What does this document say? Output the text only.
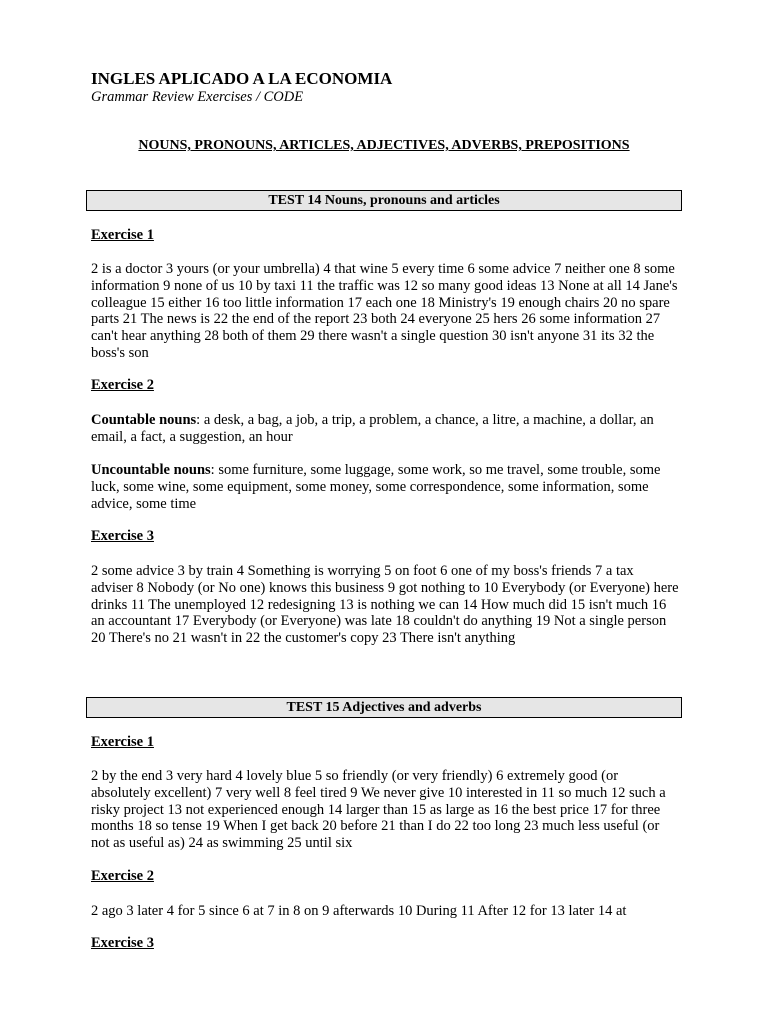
INGLES APLICADO A LA ECONOMIA
Grammar Review Exercises / CODE
NOUNS, PRONOUNS, ARTICLES, ADJECTIVES, ADVERBS, PREPOSITIONS
TEST 14 Nouns, pronouns and articles
Exercise 1

2 is a doctor 3 yours (or your umbrella) 4 that wine 5 every time 6 some advice 7 neither one 8 some information 9 none of us 10 by taxi 11 the traffic was 12 so many good ideas 13 None at all 14 Jane's colleague 15 either 16 too little information 17 each one 18 Ministry's 19 enough chairs 20 no spare parts 21 The news is 22 the end of the report 23 both 24 everyone 25 hers 26 some information 27 can't hear anything 28 both of them 29 there wasn't a single question 30 isn't anyone 31 its 32 the boss's son

Exercise 2

Countable nouns: a desk, a bag, a job, a trip, a problem, a chance, a litre, a machine, a dollar, an email, a fact, a suggestion, an hour

Uncountable nouns: some furniture, some luggage, some work, so me travel, some trouble, some luck, some wine, some equipment, some money, some correspondence, some information, some advice, some time

Exercise 3

2 some advice 3 by train 4 Something is worrying 5 on foot 6 one of my boss's friends 7 a tax adviser 8 Nobody (or No one) knows this business 9 got nothing to 10 Everybody (or Everyone) here drinks 11 The unemployed 12 redesigning 13 is nothing we can 14 How much did 15 isn't much 16 an accountant 17 Everybody (or Everyone) was late 18 couldn't do anything 19 Not a single person 20 There's no 21 wasn't in 22 the customer's copy 23 There isn't anything

TEST 15 Adjectives and adverbs
Exercise 1

2 by the end 3 very hard 4 lovely blue 5 so friendly (or very friendly) 6 extremely good (or absolutely excellent) 7 very well 8 feel tired 9 We never give 10 interested in 11 so much 12 such a risky project 13 not experienced enough 14 larger than 15 as large as 16 the best price 17 for three months 18 so tense 19 When I get back 20 before 21 than I do 22 too long 23 much less useful (or not as useful as) 24 as swimming 25 until six

Exercise 2

2 ago 3 later 4 for 5 since 6 at 7 in 8 on 9 afterwards 10 During 11 After 12 for 13 later 14 at

Exercise 3
